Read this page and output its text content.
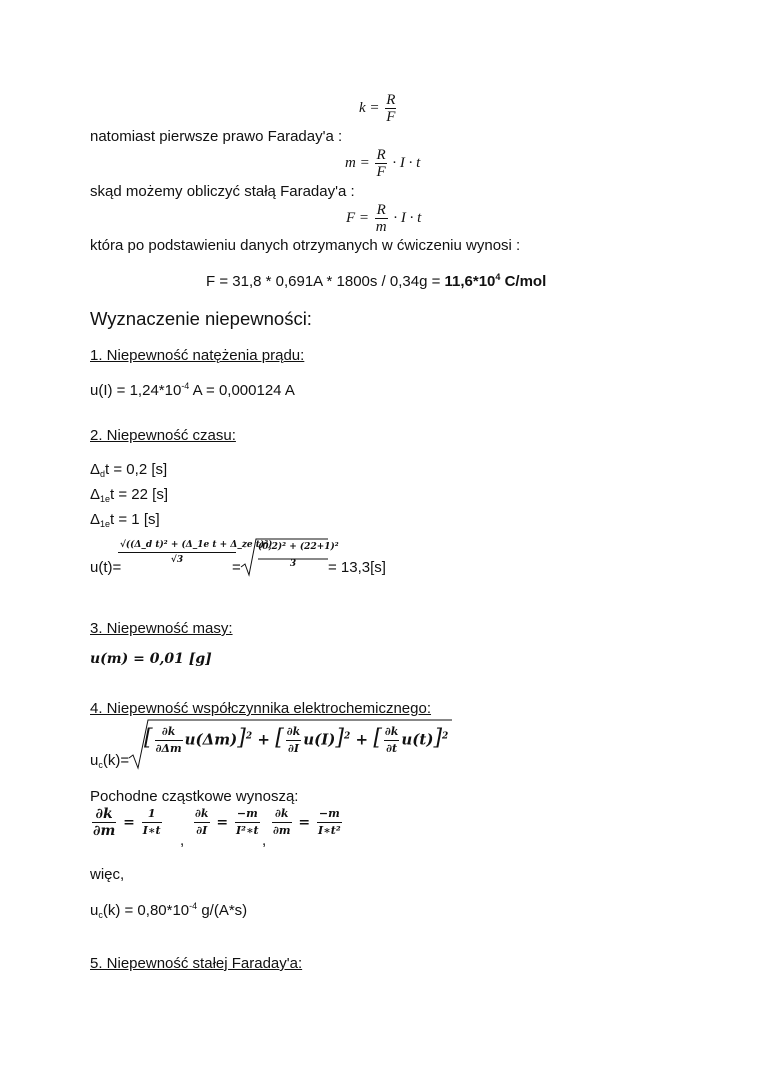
$k = \frac{R}{F}$
natomiast pierwsze prawo Faraday'a :
$m = \frac{R}{F} \cdot I \cdot t$
skąd możemy obliczyć stałą Faraday'a :
$F = \frac{R}{m} \cdot I \cdot t$
która po podstawieniu danych otrzymanych w ćwiczeniu wynosi :
$F = 31,8 * 0,691A * 1800s / 0,34g = 11,6*10^4$ C/mol
Wyznaczenie niepewności:
1. Niepewność natężenia prądu:
$u(I) = 1,24*10^{-4}$ A = 0,000124 A
2. Niepewność czasu:
$\Delta_dt = 0,2$ [s]
$\Delta_{1e}t = 22$ [s]
$\Delta_{1e}t = 1$ [s]
u(t)=
$\frac{\text{√((Δ\_d t)² + (Δ\_1e t + Δ\_ze t)²)}}{√3}$
=
(0,2)² + (22+1)²
3	= 13,3[s]
3. Niepewność masy:
u(m) = 0,01 [g]
4. Niepewność współczynnika elektrochemicznego:
$u_c(k)=$
[ $\frac{\partial k}{\partial\Delta m} u(\Delta m)]^2$ + [ $\frac{\partial k}{\partial I} u(I)]^2$ + [ $\frac{\partial k}{\partial t} u(t)]^2$
Pochodne cząstkowe wynoszą:
$\frac{\partial k}{\partial m} = \frac{1}{I∗t}$
,
$\frac{\partial k}{\partial I} = \frac{-m}{\text{I²∗t}}$
,
$\frac{\partial k}{\partial m} = \frac{-m}{\text{I∗t²}}$
więc,
$u_c(k) = 0,80*10^{-4}$ g/(A*s)
5. Niepewność stałej Faraday'a:
